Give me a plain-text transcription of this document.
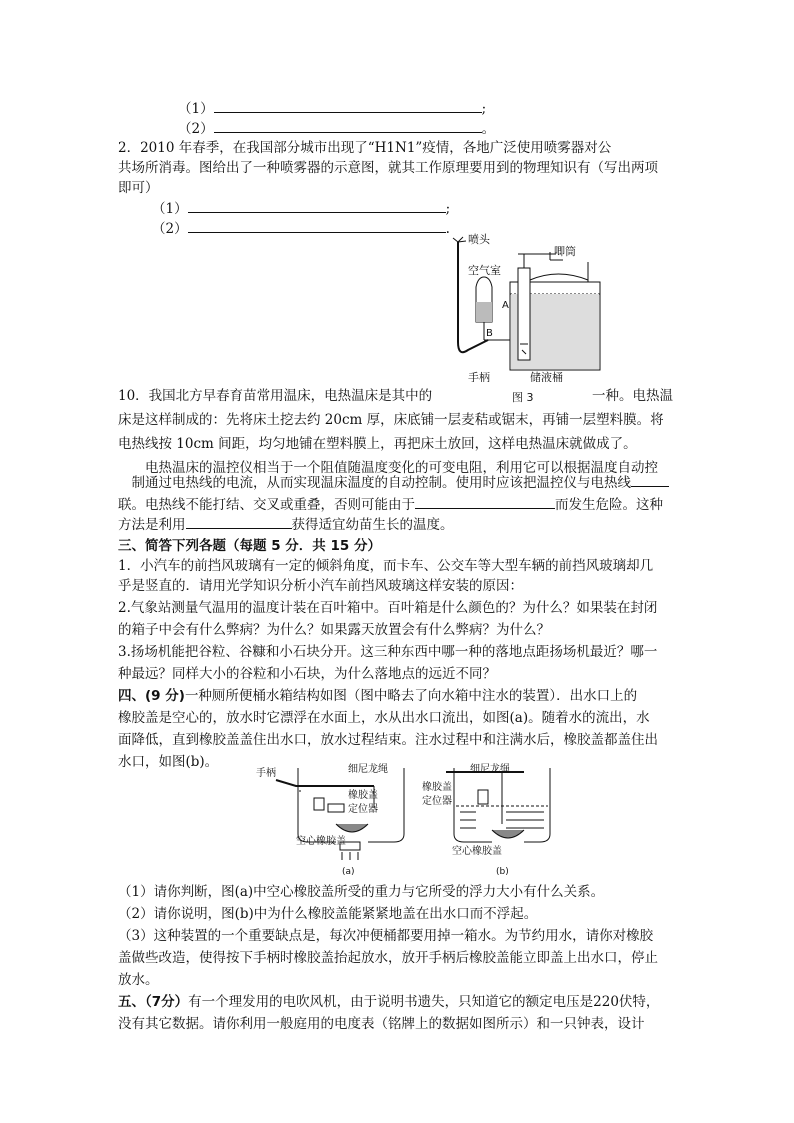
（1）	;
（2）	。
2．2010 年春季，在我国部分城市出现了“H1N1”疫情，各地广泛使用喷雾器对公
共场所消毒。图给出了一种喷雾器的示意图，就其工作原理要用到的物理知识有（写出两项
即可）
（1）	;
（2）	.
喷头
唧筒
空气室
A
B
手柄	储液桶
10．我国北方早春育苗常用温床，电热温床是其中的	图 3	一种。电热温
床是这样制成的：先将床土挖去约 20cm 厚，床底铺一层麦秸或锯末，再铺一层塑料膜。将
电热线按 10cm 间距，均匀地铺在塑料膜上，再把床土放回，这样电热温床就做成了。
　　电热温床的温控仪相当于一个阻值随温度变化的可变电阻，利用它可以根据温度自动控
　制通过电热线的电流，从而实现温床温度的自动控制。使用时应该把温控仪与电热线
联。电热线不能打结、交叉或重叠，否则可能由于	而发生危险。这种
方法是利用	获得适宜幼苗生长的温度。
三、简答下列各题（每题 5 分．共 15 分）
1．小汽车的前挡风玻璃有一定的倾斜角度，而卡车、公交车等大型车辆的前挡风玻璃却几
乎是竖直的．请用光学知识分析小汽车前挡风玻璃这样安装的原因：
2.气象站测量气温用的温度计装在百叶箱中。百叶箱是什么颜色的？为什么？如果装在封闭
的箱子中会有什么弊病？为什么？如果露天放置会有什么弊病？为什么？
3.扬场机能把谷粒、谷糠和小石块分开。这三种东西中哪一种的落地点距扬场机最近？哪一
种最远？同样大小的谷粒和小石块，为什么落地点的远近不同？
四、(9 分)一种厕所便桶水箱结构如图（图中略去了向水箱中注水的装置）．出水口上的
橡胶盖是空心的，放水时它漂浮在水面上，水从出水口流出，如图(a)。随着水的流出，水
面降低，直到橡胶盖盖住出水口，放水过程结束。注水过程中和注满水后，橡胶盖都盖住出
水口，如图(b)。
手柄	细尼龙绳
橡胶盖
定位器
空心橡胶盖
(a)
细尼龙绳
橡胶盖
定位器
空心橡胶盖
(b)
（1）请你判断，图(a)中空心橡胶盖所受的重力与它所受的浮力大小有什么关系。
（2）请你说明，图(b)中为什么橡胶盖能紧紧地盖在出水口而不浮起。
（3）这种装置的一个重要缺点是，每次冲便桶都要用掉一箱水。为节约用水，请你对橡胶
盖做些改造，使得按下手柄时橡胶盖抬起放水，放开手柄后橡胶盖能立即盖上出水口，停止
放水。
五、（7分）有一个理发用的电吹风机，由于说明书遗失，只知道它的额定电压是220伏特，
没有其它数据。请你利用一般庭用的电度表（铭牌上的数据如图所示）和一只钟表，设计
